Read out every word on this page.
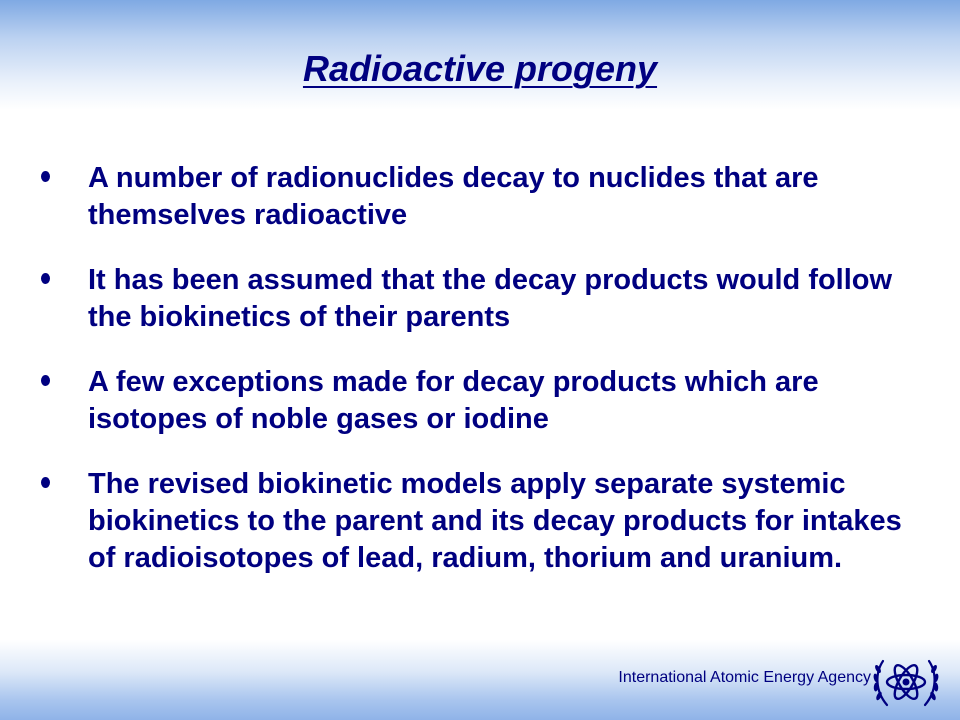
Radioactive progeny
A number of radionuclides decay to nuclides that are themselves radioactive
It has been assumed that the decay products would follow the biokinetics of their parents
A few exceptions made for decay products which are isotopes of noble gases or iodine
The revised biokinetic models apply separate systemic biokinetics to the parent and its decay products for intakes of radioisotopes of lead, radium, thorium and uranium.
International Atomic Energy Agency
